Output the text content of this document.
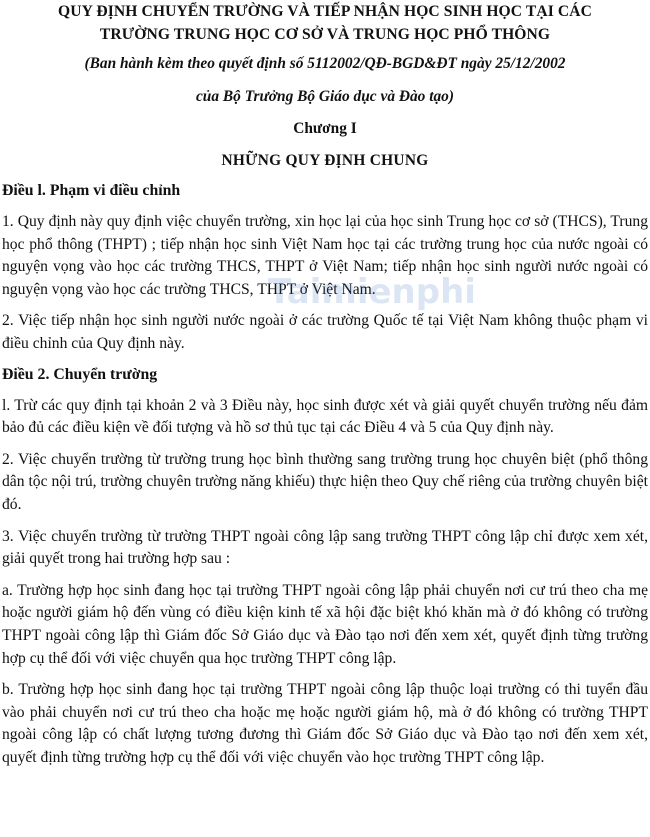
QUY ĐỊNH CHUYỂN TRƯỜNG VÀ TIẾP NHẬN HỌC SINH HỌC TẠI CÁC

TRƯỜNG TRUNG HỌC CƠ SỞ VÀ TRUNG HỌC PHỔ THÔNG

(Ban hành kèm theo quyết định số 5112002/QĐ-BGD&ĐT ngày 25/12/2002

của Bộ Trưởng Bộ Giáo dục và Đào tạo)

Chương I

NHỮNG QUY ĐỊNH CHUNG

Điều l. Phạm vi điều chỉnh

1. Quy định này quy định việc chuyển trường, xin học lại của học sinh Trung học cơ sở (THCS), Trung học phổ thông (THPT) ; tiếp nhận học sinh Việt Nam học tại các trường trung học của nước ngoài có nguyện vọng vào học các trường THCS, THPT ở Việt Nam; tiếp nhận học sinh người nước ngoài có nguyện vọng vào học các trường THCS, THPT ở Việt Nam.

2. Việc tiếp nhận học sinh người nước ngoài ở các trường Quốc tế tại Việt Nam không thuộc phạm vi điều chỉnh của Quy định này.

Điều 2. Chuyển trường

l. Trừ các quy định tại khoản 2 và 3 Điều này, học sinh được xét và giải quyết chuyển trường nếu đảm bảo đủ các điều kiện về đối tượng và hồ sơ thủ tục tại các Điều 4 và 5 của Quy định này.

2. Việc chuyển trường từ trường trung học bình thường sang trường trung học chuyên biệt (phổ thông dân tộc nội trú, trường chuyên trường năng khiếu) thực hiện theo Quy chế riêng của trường chuyên biệt đó.

3. Việc chuyển trường từ trường THPT ngoài công lập sang trường THPT công lập chỉ được xem xét, giải quyết trong hai trường hợp sau :

a. Trường hợp học sinh đang học tại trường THPT ngoài công lập phải chuyển nơi cư trú theo cha mẹ hoặc người giám hộ đến vùng có điều kiện kinh tế xã hội đặc biệt khó khăn mà ở đó không có trường THPT ngoài công lập thì Giám đốc Sở Giáo dục và Đào tạo nơi đến xem xét, quyết định từng trường hợp cụ thể đối với việc chuyển qua học trường THPT công lập.

b. Trường hợp học sinh đang học tại trường THPT ngoài công lập thuộc loại trường có thi tuyển đầu vào phải chuyển nơi cư trú theo cha hoặc mẹ hoặc người giám hộ, mà ở đó không có trường THPT ngoài công lập có chất lượng tương đương thì Giám đốc Sở Giáo dục và Đào tạo nơi đến xem xét, quyết định từng trường hợp cụ thể đối với việc chuyển vào học trường THPT công lập.

Taimienphi
